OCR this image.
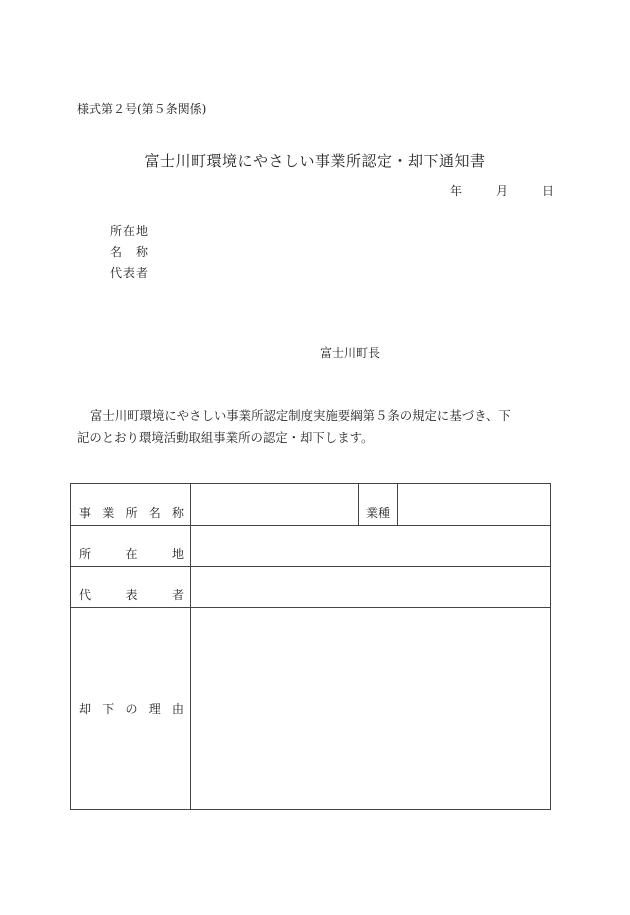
様式第２号(第５条関係)
富士川町環境にやさしい事業所認定・却下通知書
年	月	日
所在地
名　称
代表者
富士川町長

富士川町環境にやさしい事業所認定制度実施要綱第５条の規定に基づき、下

記のとおり環境活動取組事業所の認定・却下します。

事 業 所 名 称		業種	

所 在 地			

代 表 者			

却 下 の 理 由			
